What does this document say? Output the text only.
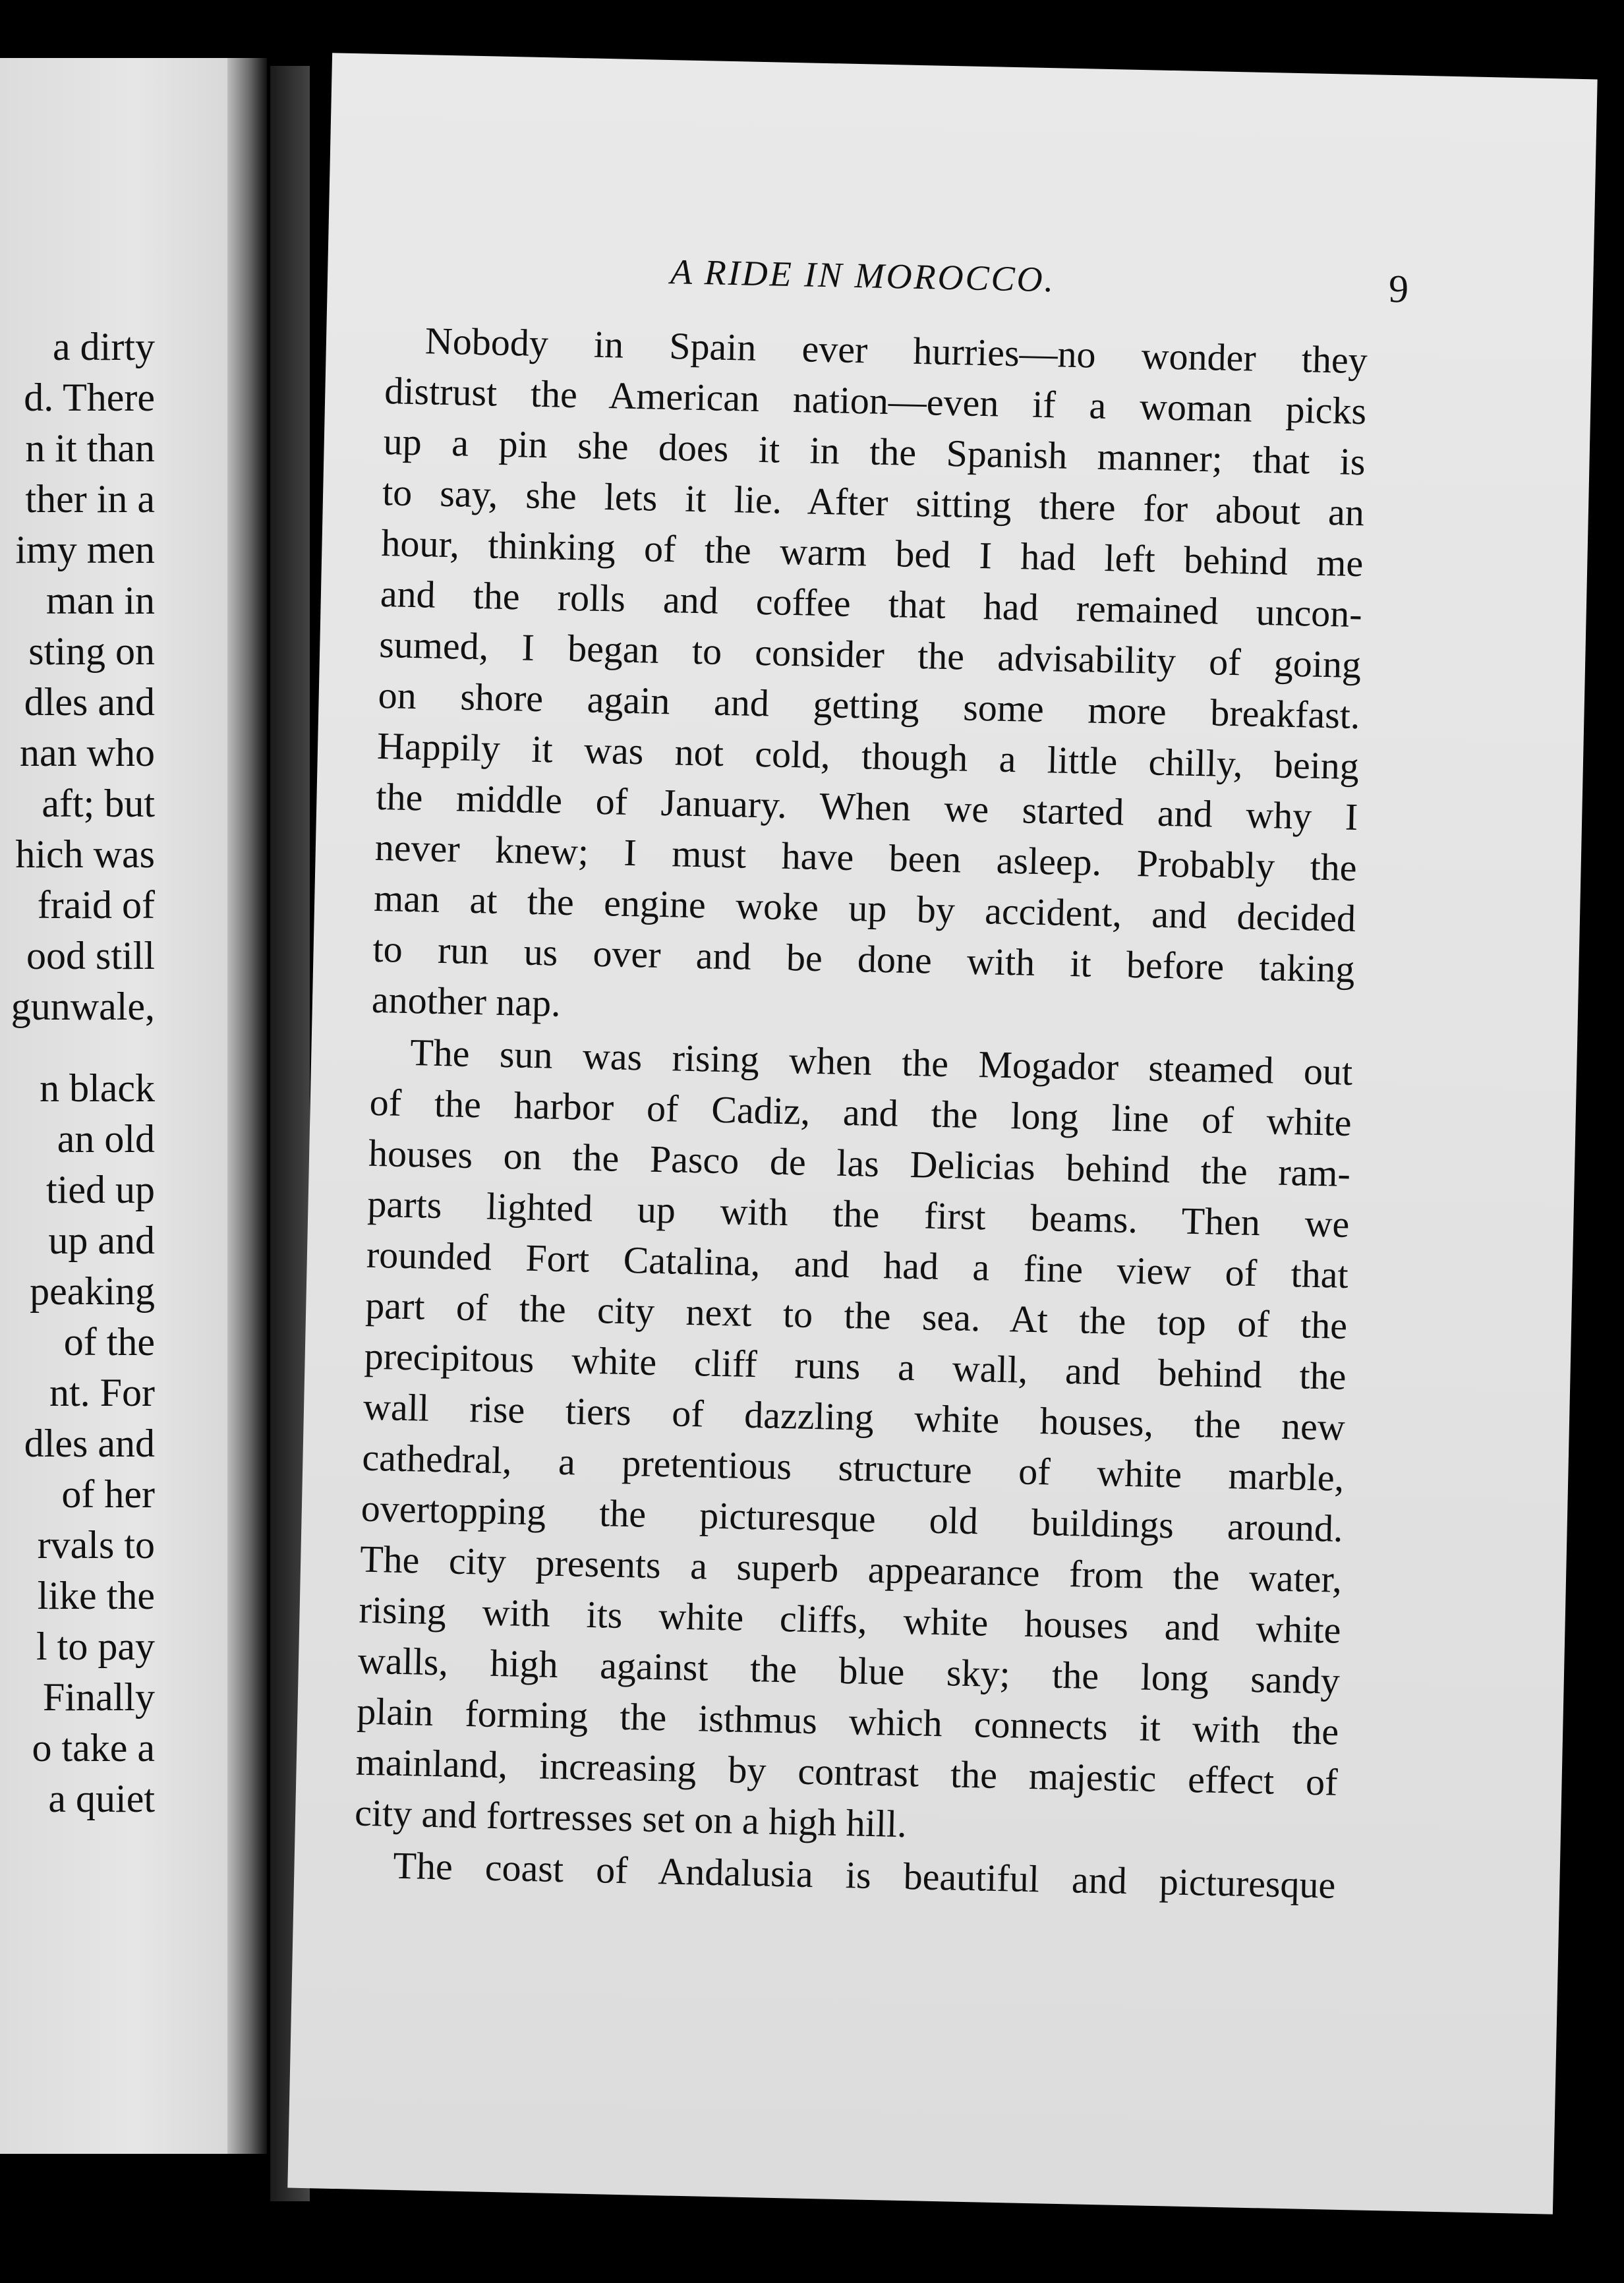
a dirty
d. There
n it than
ther in a
imy men
man in
sting on
dles and
nan who
aft; but
hich was
fraid of
ood still
gunwale,
n black
an old
tied up
up and
peaking
of the
nt. For
dles and
of her
rvals to
like the
l to pay
Finally
o take a
a quiet
A RIDE IN MOROCCO.	9
Nobody in Spain ever hurries—no wonder they
distrust the American nation—even if a woman picks
up a pin she does it in the Spanish manner; that is
to say, she lets it lie. After sitting there for about an
hour, thinking of the warm bed I had left behind me
and the rolls and coffee that had remained uncon-
sumed, I began to consider the advisability of going
on shore again and getting some more breakfast.
Happily it was not cold, though a little chilly, being
the middle of January. When we started and why I
never knew; I must have been asleep. Probably the
man at the engine woke up by accident, and decided
to run us over and be done with it before taking
another nap.
The sun was rising when the Mogador steamed out
of the harbor of Cadiz, and the long line of white
houses on the Pasco de las Delicias behind the ram-
parts lighted up with the first beams. Then we
rounded Fort Catalina, and had a fine view of that
part of the city next to the sea. At the top of the
precipitous white cliff runs a wall, and behind the
wall rise tiers of dazzling white houses, the new
cathedral, a pretentious structure of white marble,
overtopping the picturesque old buildings around.
The city presents a superb appearance from the water,
rising with its white cliffs, white houses and white
walls, high against the blue sky; the long sandy
plain forming the isthmus which connects it with the
mainland, increasing by contrast the majestic effect of
city and fortresses set on a high hill.
The coast of Andalusia is beautiful and picturesque
